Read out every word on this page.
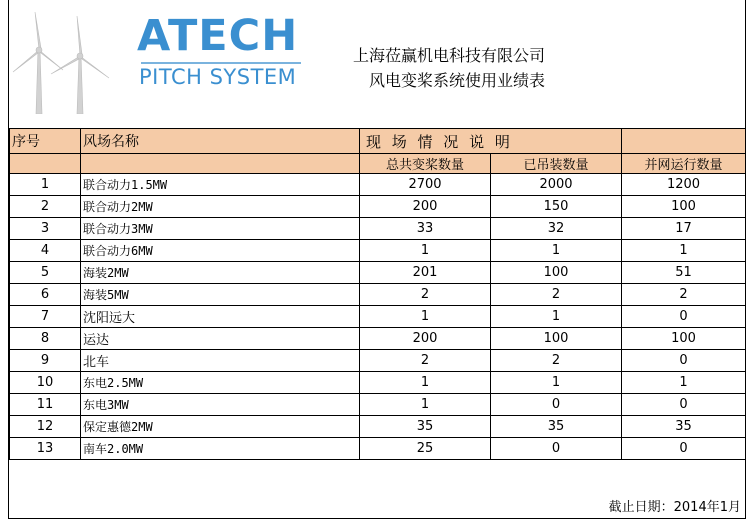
ATECH
PITCH SYSTEM
上海莅赢机电科技有限公司
风电变桨系统使用业绩表
序号	风场名称	现 场 情 况 说 明		
		总共变桨数量	已吊装数量	并网运行数量
1	联合动力1.5MW	2700	2000	1200
2	联合动力2MW	200	150	100
3	联合动力3MW	33	32	17
4	联合动力6MW	1	1	1
5	海装2MW	201	100	51
6	海装5MW	2	2	2
7	沈阳远大	1	1	0
8	运达	200	100	100
9	北车	2	2	0
10	东电2.5MW	1	1	1
11	东电3MW	1	0	0
12	保定惠德2MW	35	35	35
13	南车2.0MW	25	0	0
截止日期：2014年1月
